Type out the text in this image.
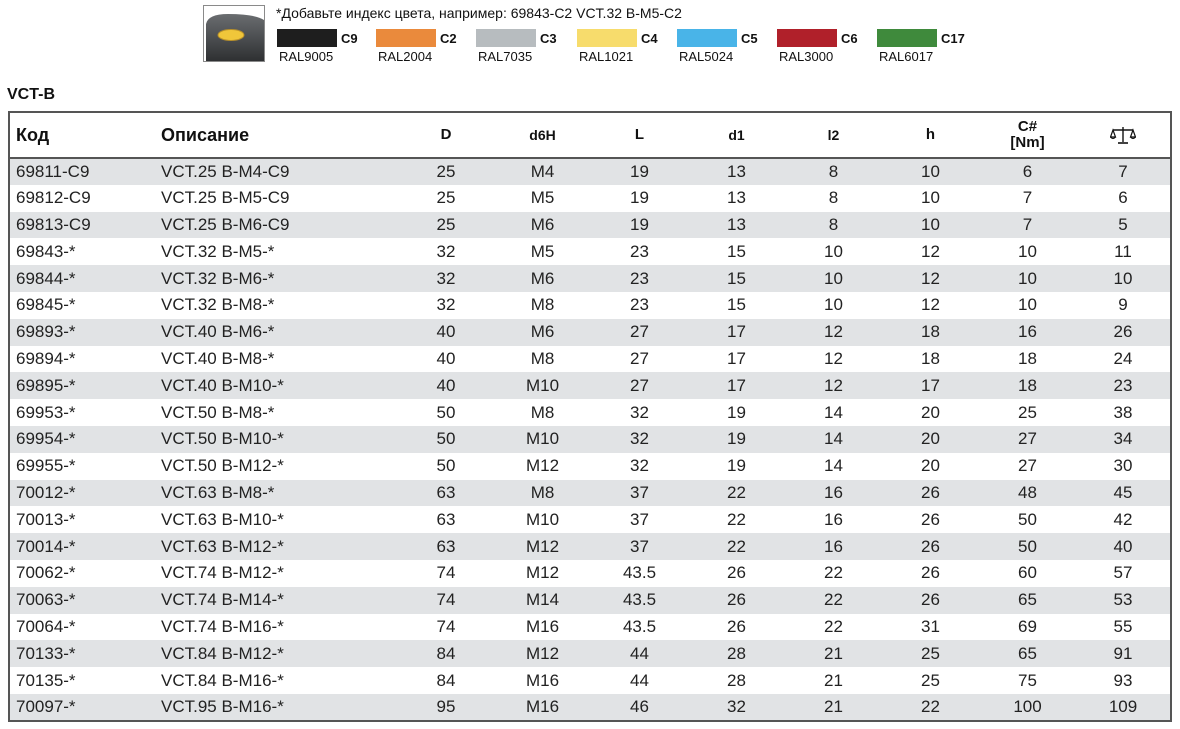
*Добавьте индекс цвета, например: 69843-C2 VCT.32 B-M5-C2
C9
RAL9005
C2
RAL2004
C3
RAL7035
C4
RAL1021
C5
RAL5024
C6
RAL3000
C17
RAL6017
VCT-B
Код	Описание	D	d6H	L	d1	l2	h	C#
[Nm]

69811-C9	VCT.25 B-M4-C9	25	M4	19	13	8	10	6	7
69812-C9	VCT.25 B-M5-C9	25	M5	19	13	8	10	7	6
69813-C9	VCT.25 B-M6-C9	25	M6	19	13	8	10	7	5
69843-*	VCT.32 B-M5-*	32	M5	23	15	10	12	10	11
69844-*	VCT.32 B-M6-*	32	M6	23	15	10	12	10	10
69845-*	VCT.32 B-M8-*	32	M8	23	15	10	12	10	9
69893-*	VCT.40 B-M6-*	40	M6	27	17	12	18	16	26
69894-*	VCT.40 B-M8-*	40	M8	27	17	12	18	18	24
69895-*	VCT.40 B-M10-*	40	M10	27	17	12	17	18	23
69953-*	VCT.50 B-M8-*	50	M8	32	19	14	20	25	38
69954-*	VCT.50 B-M10-*	50	M10	32	19	14	20	27	34
69955-*	VCT.50 B-M12-*	50	M12	32	19	14	20	27	30
70012-*	VCT.63 B-M8-*	63	M8	37	22	16	26	48	45
70013-*	VCT.63 B-M10-*	63	M10	37	22	16	26	50	42
70014-*	VCT.63 B-M12-*	63	M12	37	22	16	26	50	40
70062-*	VCT.74 B-M12-*	74	M12	43.5	26	22	26	60	57
70063-*	VCT.74 B-M14-*	74	M14	43.5	26	22	26	65	53
70064-*	VCT.74 B-M16-*	74	M16	43.5	26	22	31	69	55
70133-*	VCT.84 B-M12-*	84	M12	44	28	21	25	65	91
70135-*	VCT.84 B-M16-*	84	M16	44	28	21	25	75	93
70097-*	VCT.95 B-M16-*	95	M16	46	32	21	22	100	109
